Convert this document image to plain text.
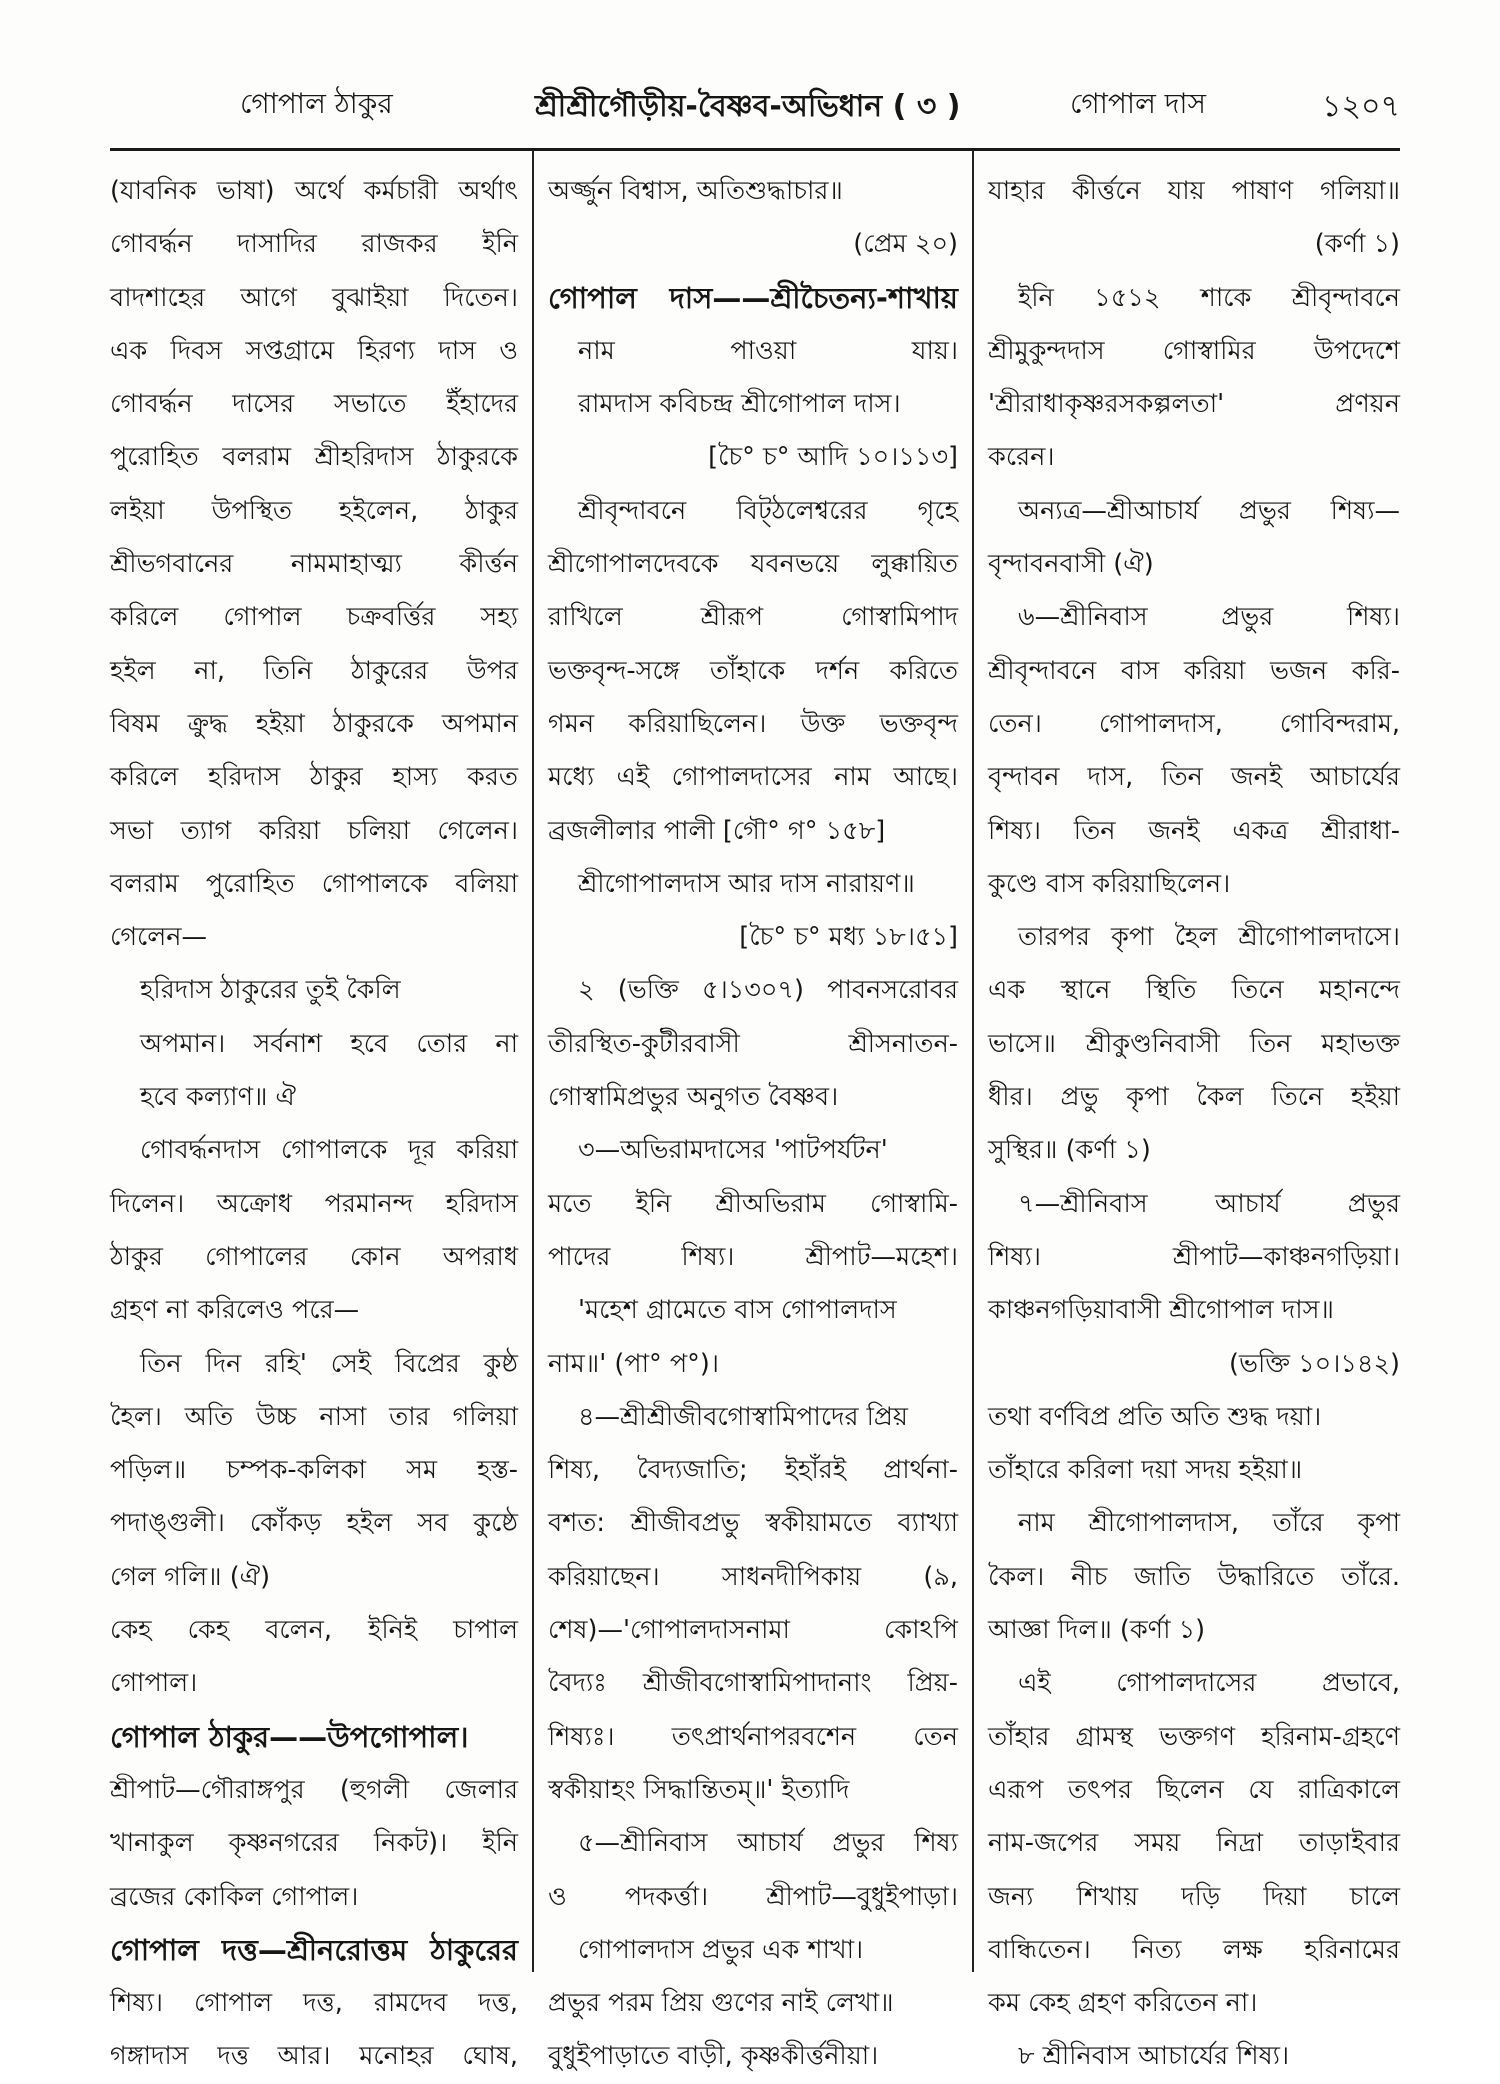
গোপাল ঠাকুর	শ্রীশ্রীগৌড়ীয়-বৈষ্ণব-অভিধান ( ৩ )	গোপাল দাস	১২০৭
(যাবনিক ভাষা) অর্থে কর্মচারী অর্থাৎ
গোবর্দ্ধন দাসাদির রাজকর ইনি
বাদশাহের আগে বুঝাইয়া দিতেন।
এক দিবস সপ্তগ্রামে হিরণ্য দাস ও
গোবর্দ্ধন দাসের সভাতে ইঁহাদের
পুরোহিত বলরাম শ্রীহরিদাস ঠাকুরকে
লইয়া উপস্থিত হইলেন, ঠাকুর
শ্রীভগবানের নামমাহাত্ম্য কীর্ত্তন
করিলে গোপাল চক্রবর্ত্তির সহ্য
হইল না, তিনি ঠাকুরের উপর
বিষম ক্রুদ্ধ হইয়া ঠাকুরকে অপমান
করিলে হরিদাস ঠাকুর হাস্য করত
সভা ত্যাগ করিয়া চলিয়া গেলেন।
বলরাম পুরোহিত গোপালকে বলিয়া
গেলেন—
হরিদাস ঠাকুরের তুই কৈলি
অপমান। সর্বনাশ হবে তোর না
হবে কল্যাণ॥ ঐ
গোবর্দ্ধনদাস গোপালকে দূর করিয়া
দিলেন। অক্রোধ পরমানন্দ হরিদাস
ঠাকুর গোপালের কোন অপরাধ
গ্রহণ না করিলেও পরে—
তিন দিন রহি' সেই বিপ্রের কুষ্ঠ
হৈল। অতি উচ্চ নাসা তার গলিয়া
পড়িল॥ চম্পক-কলিকা সম হস্ত-
পদাঙ্গুলী। কোঁকড় হইল সব কুষ্ঠে
গেল গলি॥ (ঐ)
কেহ কেহ বলেন, ইনিই চাপাল
গোপাল।
গোপাল ঠাকুর——উপগোপাল।
শ্রীপাট—গৌরাঙ্গপুর (হুগলী জেলার
খানাকুল কৃষ্ণনগরের নিকট)। ইনি
ব্রজের কোকিল গোপাল।
গোপাল দত্ত—শ্রীনরোত্তম ঠাকুরের
শিষ্য। গোপাল দত্ত, রামদেব দত্ত,
গঙ্গাদাস দত্ত আর। মনোহর ঘোষ,
অর্জ্জুন বিশ্বাস, অতিশুদ্ধাচার॥
(প্রেম ২০)
গোপাল দাস——শ্রীচৈতন্য-শাখায়
নাম পাওয়া যায়।
রামদাস কবিচন্দ্র শ্রীগোপাল দাস।
[চৈ° চ° আদি ১০।১১৩]
শ্রীবৃন্দাবনে বিট্ঠলেশ্বরের গৃহে
শ্রীগোপালদেবকে যবনভয়ে লুক্কায়িত
রাখিলে শ্রীরূপ গোস্বামিপাদ
ভক্তবৃন্দ-সঙ্গে তাঁহাকে দর্শন করিতে
গমন করিয়াছিলেন। উক্ত ভক্তবৃন্দ
মধ্যে এই গোপালদাসের নাম আছে।
ব্রজলীলার পালী [গৌ° গ° ১৫৮]
শ্রীগোপালদাস আর দাস নারায়ণ॥
[চৈ° চ° মধ্য ১৮।৫১]
২ (ভক্তি ৫।১৩০৭) পাবনসরোবর
তীরস্থিত-কুটীরবাসী শ্রীসনাতন-
গোস্বামিপ্রভুর অনুগত বৈষ্ণব।
৩—অভিরামদাসের 'পাটপর্যটন'
মতে ইনি শ্রীঅভিরাম গোস্বামি-
পাদের শিষ্য। শ্রীপাট—মহেশ।
'মহেশ গ্রামেতে বাস গোপালদাস
নাম॥' (পা° প°)।
৪—শ্রীশ্রীজীবগোস্বামিপাদের প্রিয়
শিষ্য, বৈদ্যজাতি; ইহাঁরই প্রার্থনা-
বশত: শ্রীজীবপ্রভু স্বকীয়ামতে ব্যাখ্যা
করিয়াছেন। সাধনদীপিকায় (৯,
শেষ)—'গোপালদাসনামা কোঽপি
বৈদ্যঃ শ্রীজীবগোস্বামিপাদানাং প্রিয়-
শিষ্যঃ। তৎপ্রার্থনাপরবশেন তেন
স্বকীয়াহং সিদ্ধান্তিতম্॥' ইত্যাদি
৫—শ্রীনিবাস আচার্য প্রভুর শিষ্য
ও পদকর্ত্তা। শ্রীপাট—বুধুইপাড়া।
গোপালদাস প্রভুর এক শাখা।
প্রভুর পরম প্রিয় গুণের নাই লেখা॥
বুধুইপাড়াতে বাড়ী, কৃষ্ণকীর্ত্তনীয়া।
যাহার কীর্ত্তনে যায় পাষাণ গলিয়া॥
(কর্ণা ১)
ইনি ১৫১২ শাকে শ্রীবৃন্দাবনে
শ্রীমুকুন্দদাস গোস্বামির উপদেশে
'শ্রীরাধাকৃষ্ণরসকল্পলতা' প্রণয়ন
করেন।
অন্যত্র—শ্রীআচার্য প্রভুর শিষ্য—
বৃন্দাবনবাসী (ঐ)
৬—শ্রীনিবাস প্রভুর শিষ্য।
শ্রীবৃন্দাবনে বাস করিয়া ভজন করি-
তেন। গোপালদাস, গোবিন্দরাম,
বৃন্দাবন দাস, তিন জনই আচার্যের
শিষ্য। তিন জনই একত্র শ্রীরাধা-
কুণ্ডে বাস করিয়াছিলেন।
তারপর কৃপা হৈল শ্রীগোপালদাসে।
এক স্থানে স্থিতি তিনে মহানন্দে
ভাসে॥ শ্রীকুণ্ডনিবাসী তিন মহাভক্ত
ধীর। প্রভু কৃপা কৈল তিনে হইয়া
সুস্থির॥ (কর্ণা ১)
৭—শ্রীনিবাস আচার্য প্রভুর
শিষ্য। শ্রীপাট—কাঞ্চনগড়িয়া।
কাঞ্চনগড়িয়াবাসী শ্রীগোপাল দাস॥
(ভক্তি ১০।১৪২)
তথা বর্ণবিপ্র প্রতি অতি শুদ্ধ দয়া।
তাঁহারে করিলা দয়া সদয় হইয়া॥
নাম শ্রীগোপালদাস, তাঁরে কৃপা
কৈল। নীচ জাতি উদ্ধারিতে তাঁরে.
আজ্ঞা দিল॥ (কর্ণা ১)
এই গোপালদাসের প্রভাবে,
তাঁহার গ্রামস্থ ভক্তগণ হরিনাম-গ্রহণে
এরূপ তৎপর ছিলেন যে রাত্রিকালে
নাম-জপের সময় নিদ্রা তাড়াইবার
জন্য শিখায় দড়ি দিয়া চালে
বান্ধিতেন। নিত্য লক্ষ হরিনামের
কম কেহ গ্রহণ করিতেন না।
৮ শ্রীনিবাস আচার্যের শিষ্য।
